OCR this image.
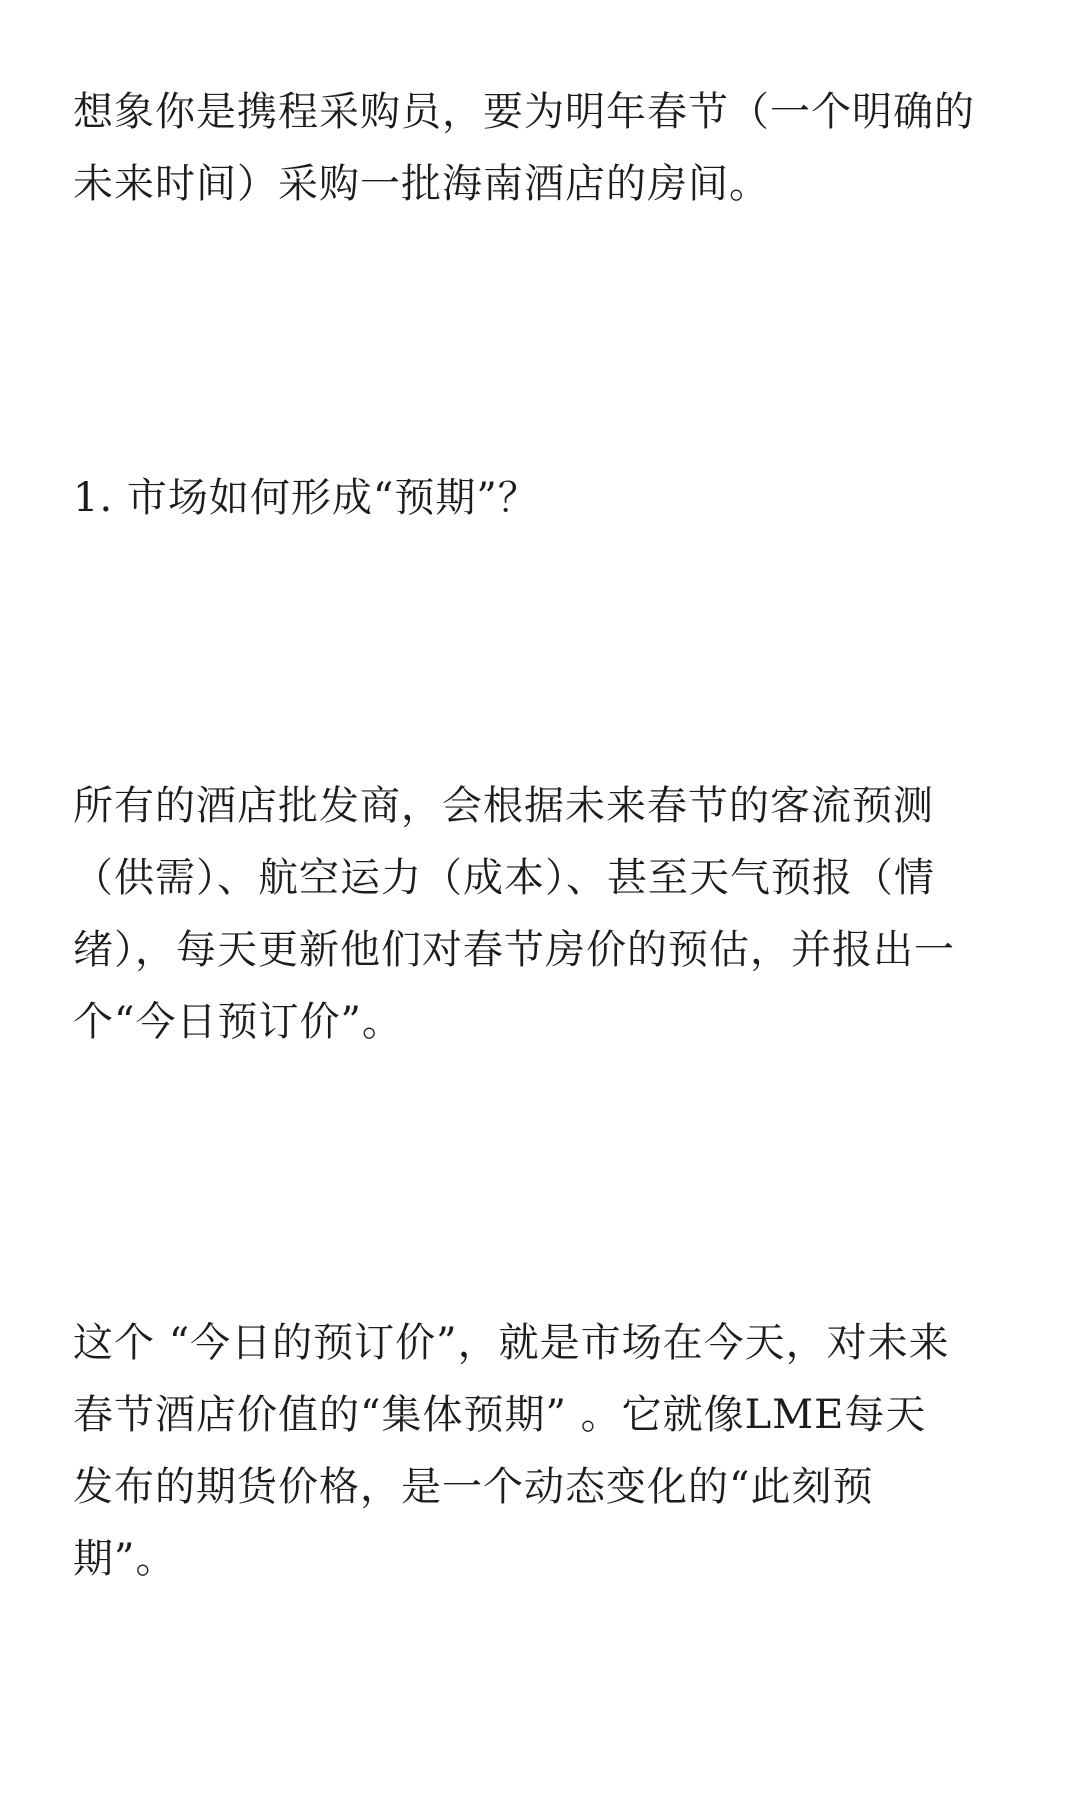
想象你是携程采购员，要为明年春节（一个明确的
未来时间）采购一批海南酒店的房间。

1. 市场如何形成“预期”？

所有的酒店批发商，会根据未来春节的客流预测
（供需）、航空运力（成本）、甚至天气预报（情
绪），每天更新他们对春节房价的预估，并报出一
个“今日预订价”。

这个 “今日的预订价”，就是市场在今天，对未来
春节酒店价值的“集体预期” 。它就像LME每天
发布的期货价格，是一个动态变化的“此刻预
期”。
